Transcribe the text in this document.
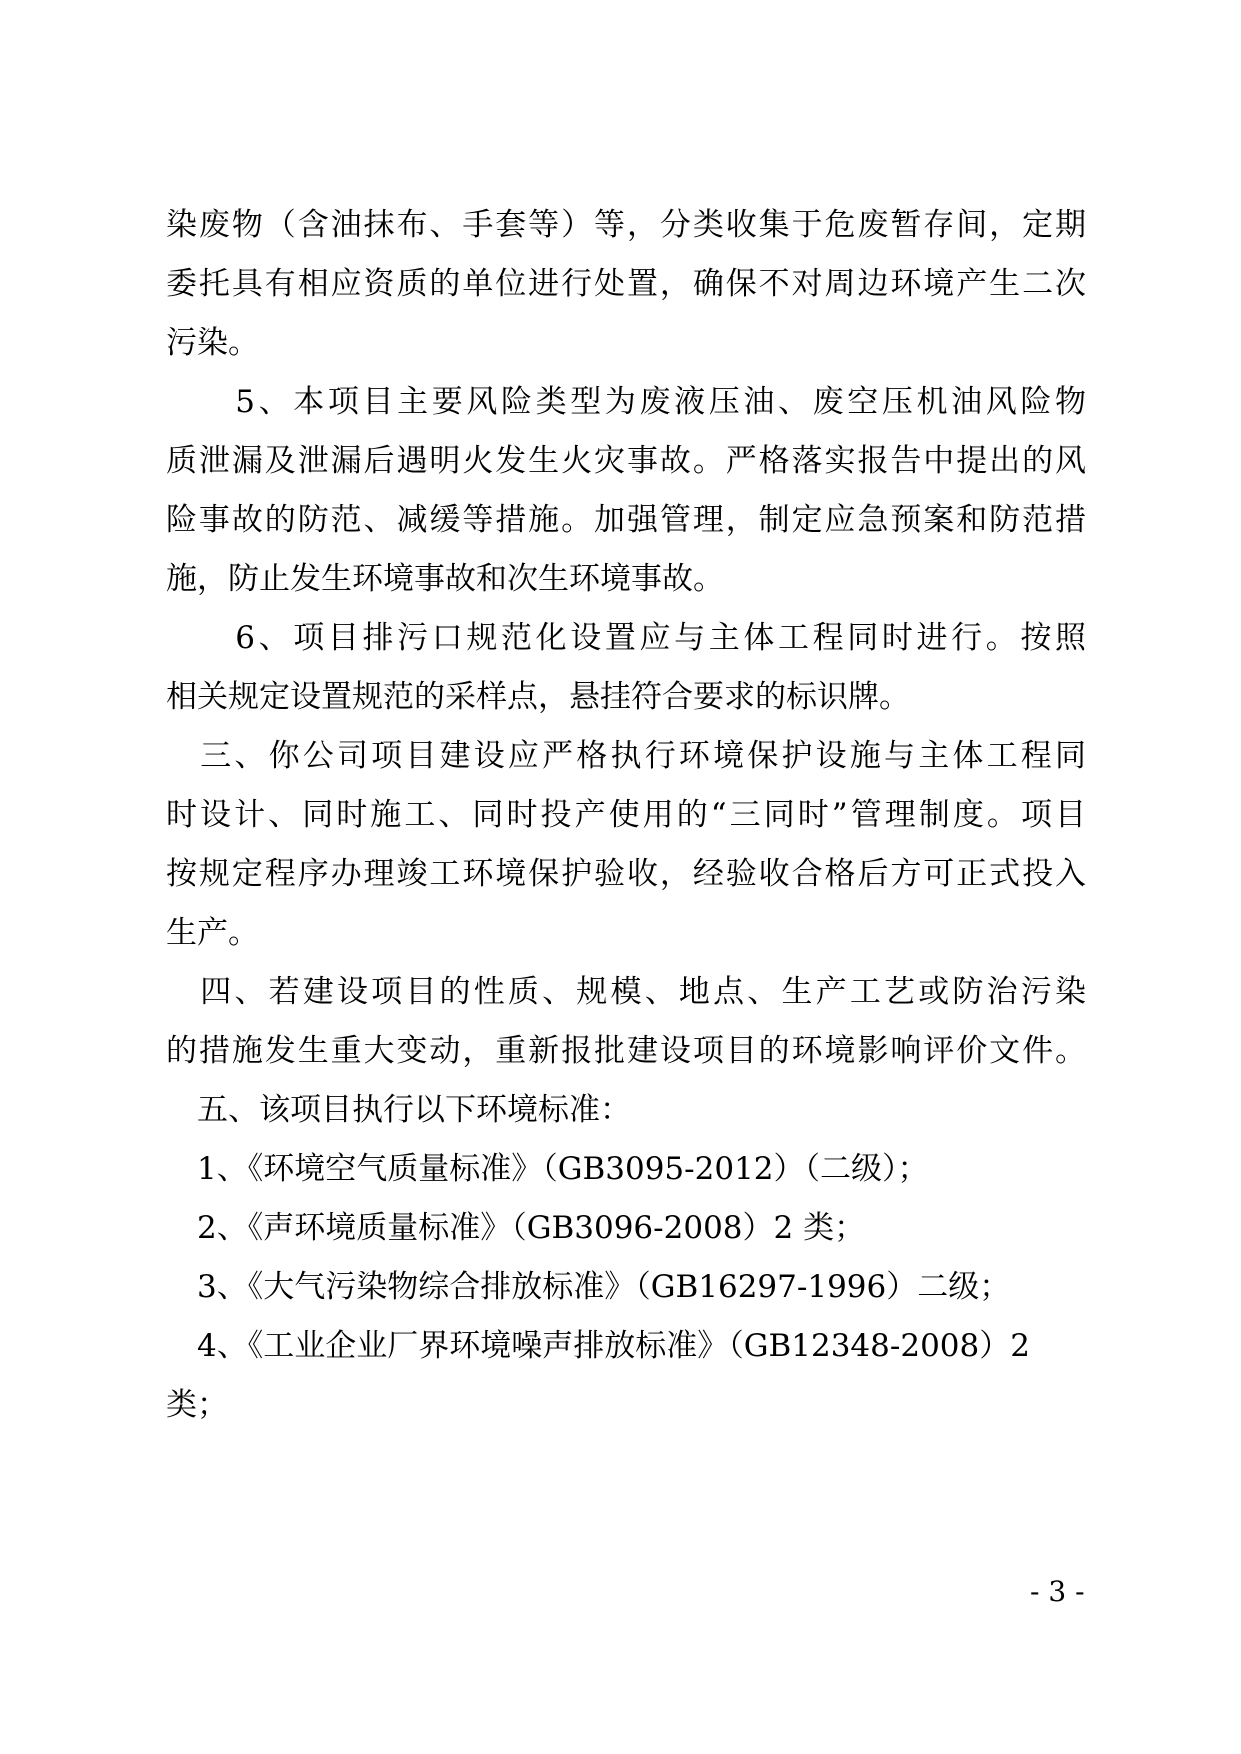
染废物（含油抹布、手套等）等，分类收集于危废暂存间，定期
委托具有相应资质的单位进行处置，确保不对周边环境产生二次
污染。
　　5、本项目主要风险类型为废液压油、废空压机油风险物
质泄漏及泄漏后遇明火发生火灾事故。严格落实报告中提出的风
险事故的防范、减缓等措施。加强管理，制定应急预案和防范措
施，防止发生环境事故和次生环境事故。
　　6、项目排污口规范化设置应与主体工程同时进行。按照
相关规定设置规范的采样点，悬挂符合要求的标识牌。
　三、你公司项目建设应严格执行环境保护设施与主体工程同
时设计、同时施工、同时投产使用的“三同时”管理制度。项目
按规定程序办理竣工环境保护验收，经验收合格后方可正式投入
生产。
　四、若建设项目的性质、规模、地点、生产工艺或防治污染
的措施发生重大变动，重新报批建设项目的环境影响评价文件。
　五、该项目执行以下环境标准：
　1、《环境空气质量标准》（GB3095-2012）（二级）；
　2、《声环境质量标准》（GB3096-2008）2 类；
　3、《大气污染物综合排放标准》（GB16297-1996）二级；
　4、《工业企业厂界环境噪声排放标准》（GB12348-2008）2
类；
- 3 -
